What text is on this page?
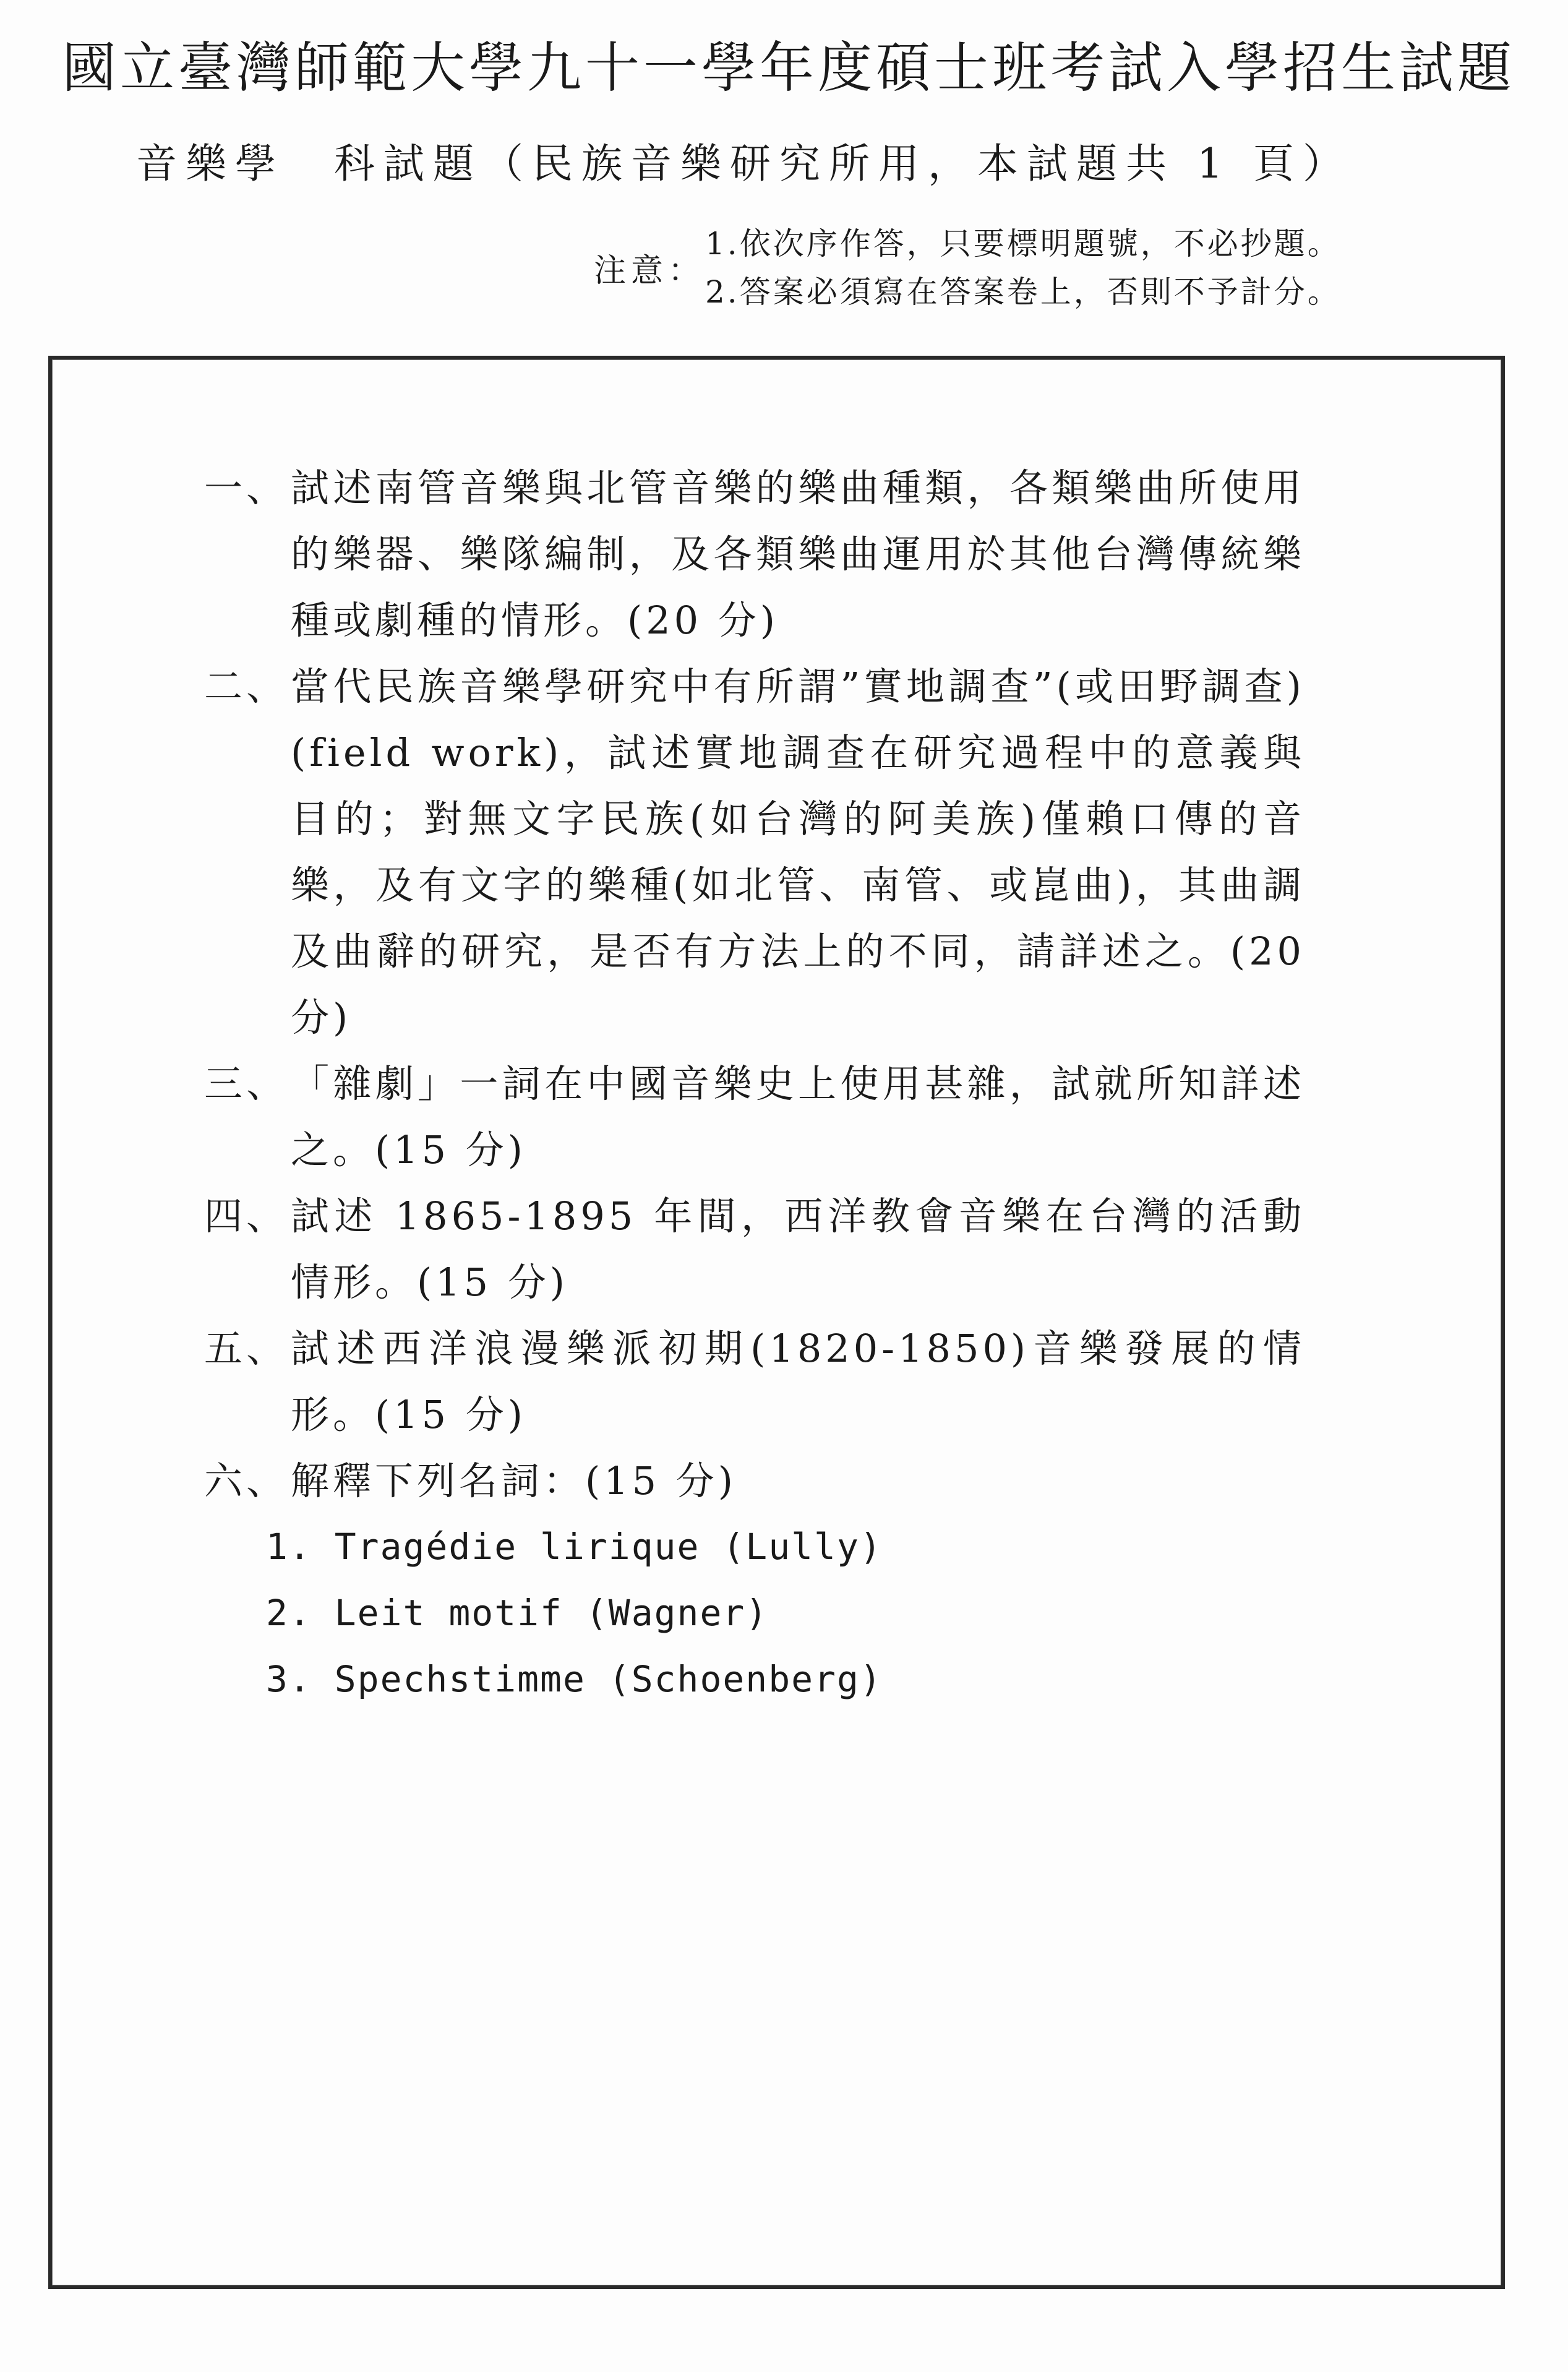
國立臺灣師範大學九十一學年度碩士班考試入學招生試題
音樂學 科試題（民族音樂研究所用，本試題共 1 頁）
注意：
1.依次序作答，只要標明題號，不必抄題。
2.答案必須寫在答案卷上，否則不予計分。
一、 試述南管音樂與北管音樂的樂曲種類，各類樂曲所使用的樂器、樂隊編制，及各類樂曲運用於其他台灣傳統樂種或劇種的情形。(20 分)
二、 當代民族音樂學研究中有所謂”實地調查”(或田野調查)(field work)，試述實地調查在研究過程中的意義與目的；對無文字民族(如台灣的阿美族)僅賴口傳的音樂，及有文字的樂種(如北管、南管、或崑曲)，其曲調及曲辭的研究，是否有方法上的不同，請詳述之。(20分)
三、 「雜劇」一詞在中國音樂史上使用甚雜，試就所知詳述之。(15 分)
四、 試述 1865-1895 年間，西洋教會音樂在台灣的活動情形。(15 分)
五、 試述西洋浪漫樂派初期(1820-1850)音樂發展的情形。(15 分)
六、 解釋下列名詞：(15 分)
1. Tragédie lirique (Lully)
2. Leit motif (Wagner)
3. Spechstimme (Schoenberg)
